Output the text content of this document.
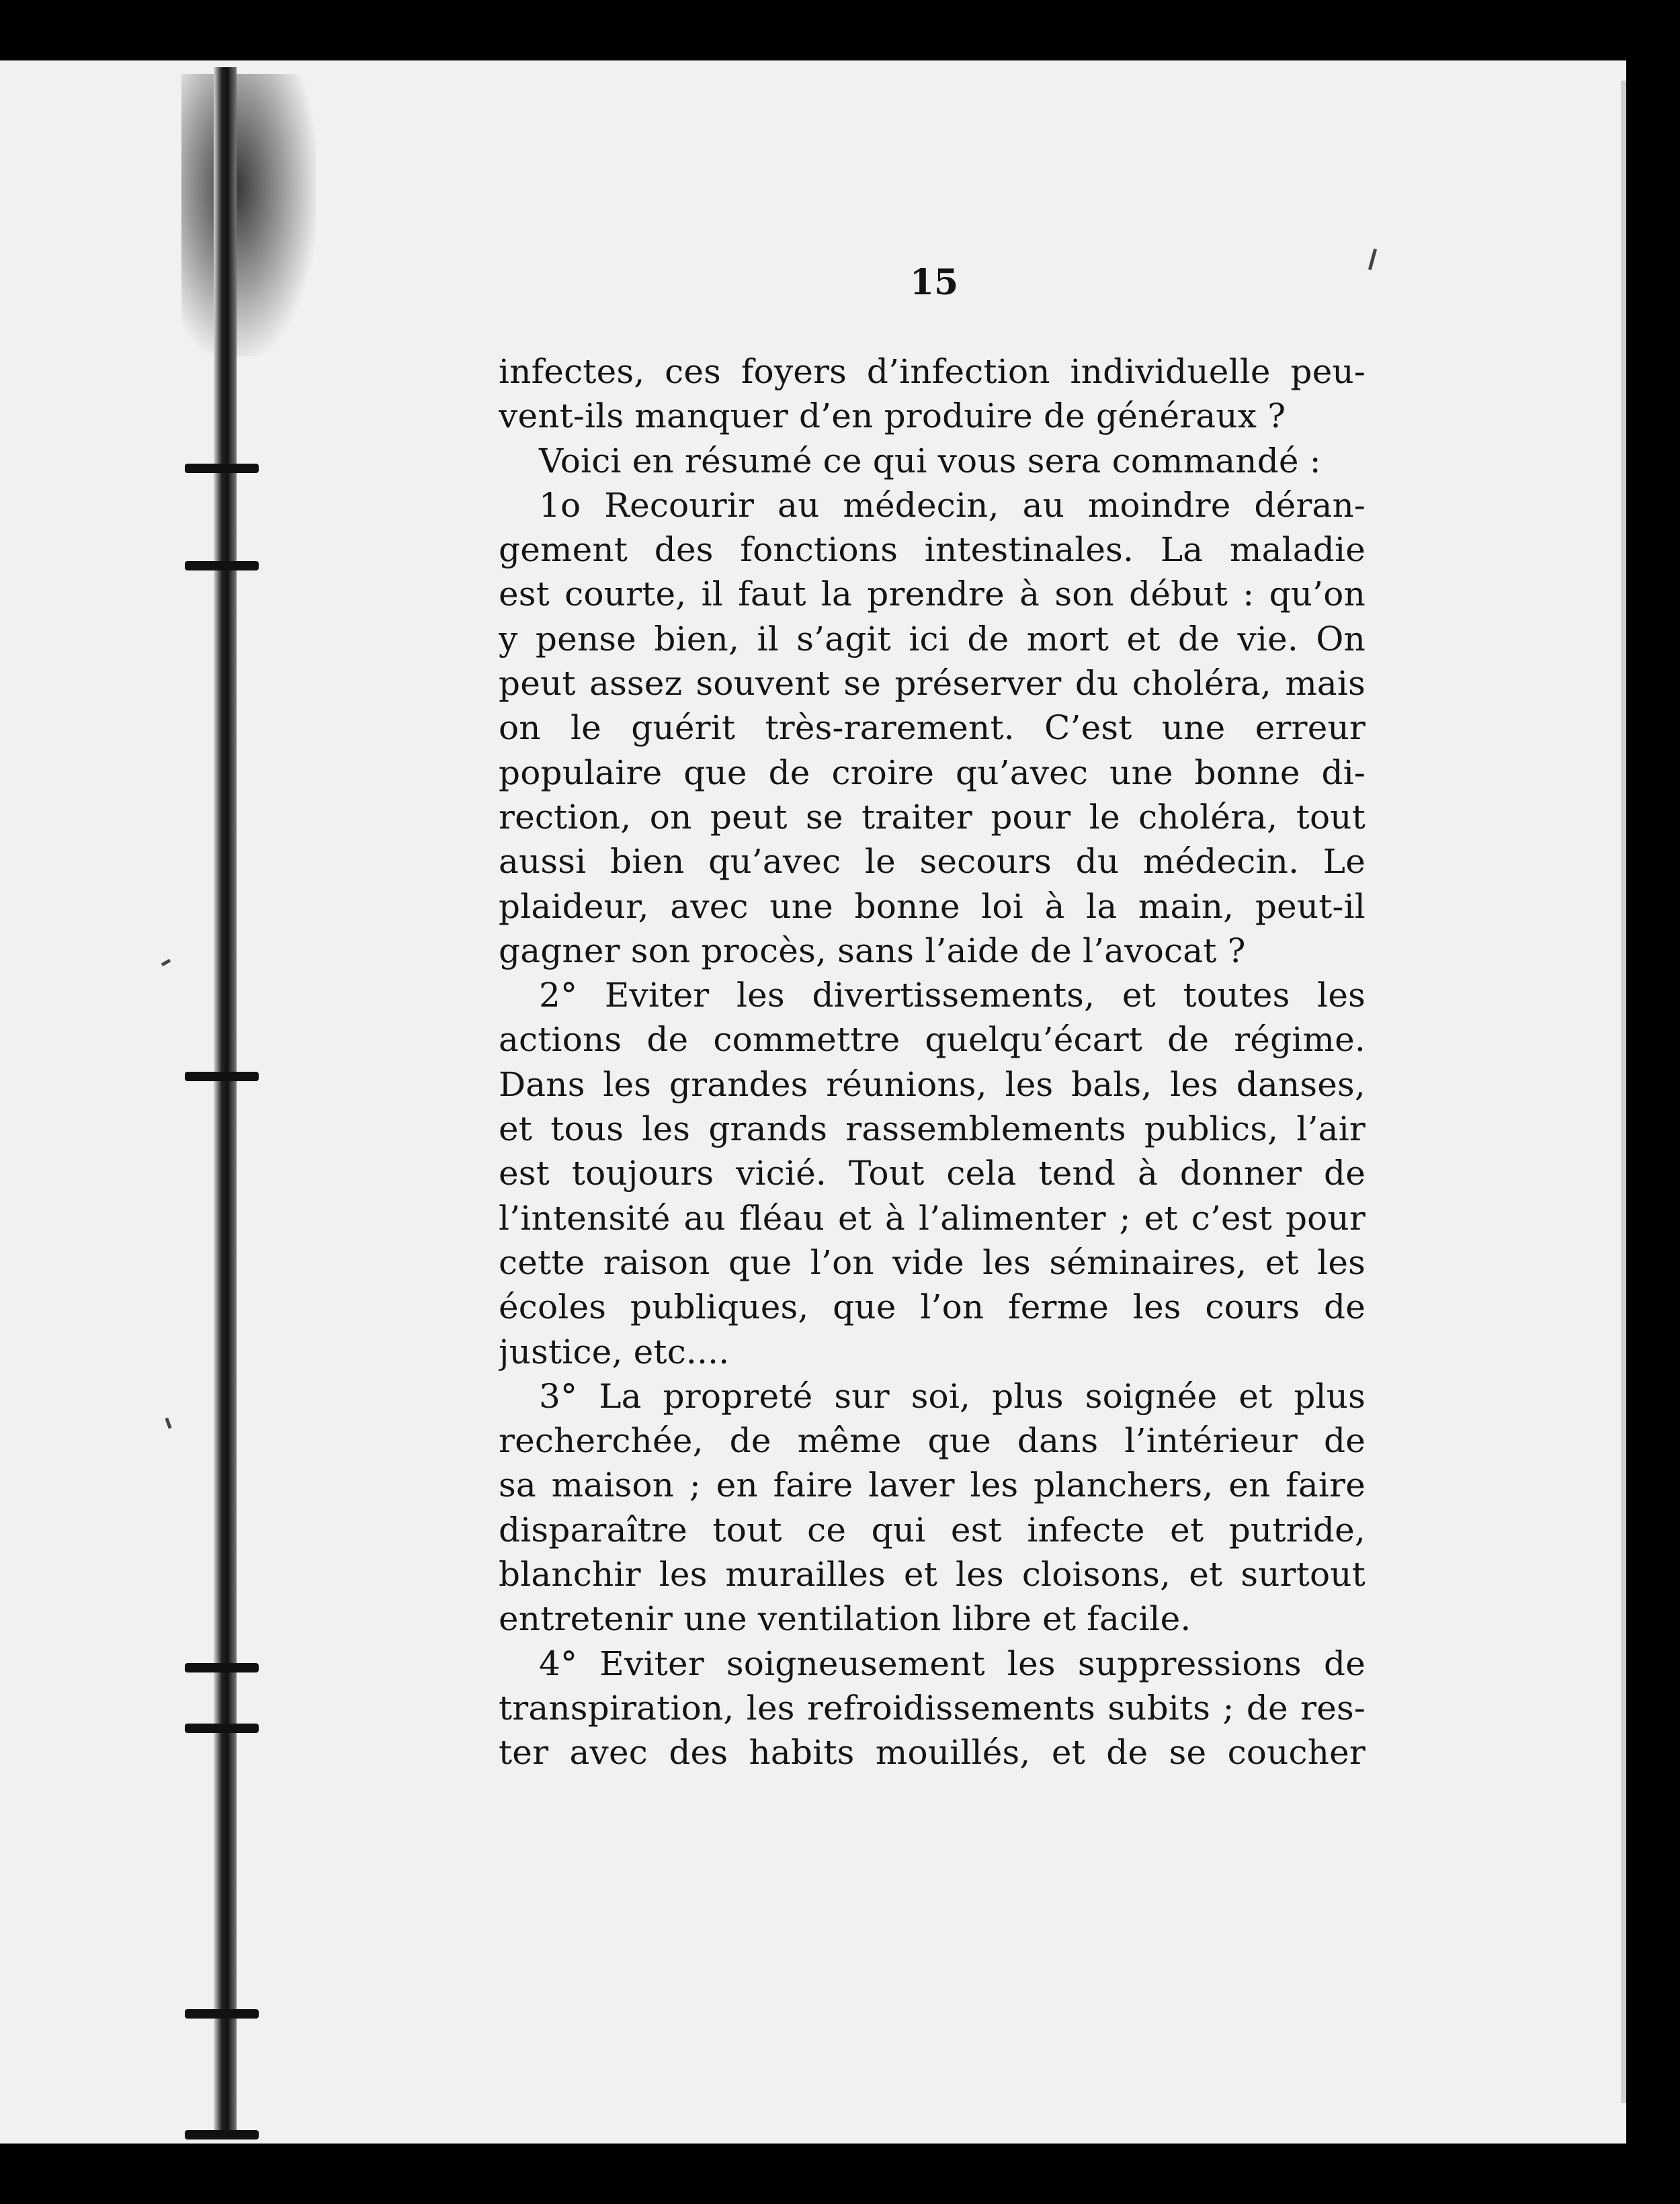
15
infectes, ces foyers d’infection individuelle peu-
vent-ils manquer d’en produire de généraux ?
Voici en résumé ce qui vous sera commandé :
1o Recourir au médecin, au moindre déran-
gement des fonctions intestinales. La maladie
est courte, il faut la prendre à son début : qu’on
y pense bien, il s’agit ici de mort et de vie. On
peut assez souvent se préserver du choléra, mais
on le guérit très-rarement. C’est une erreur
populaire que de croire qu’avec une bonne di-
rection, on peut se traiter pour le choléra, tout
aussi bien qu’avec le secours du médecin. Le
plaideur, avec une bonne loi à la main, peut-il
gagner son procès, sans l’aide de l’avocat ?
2° Eviter les divertissements, et toutes les
actions de commettre quelqu’écart de régime.
Dans les grandes réunions, les bals, les danses,
et tous les grands rassemblements publics, l’air
est toujours vicié. Tout cela tend à donner de
l’intensité au fléau et à l’alimenter ; et c’est pour
cette raison que l’on vide les séminaires, et les
écoles publiques, que l’on ferme les cours de
justice, etc....
3° La propreté sur soi, plus soignée et plus
recherchée, de même que dans l’intérieur de
sa maison ; en faire laver les planchers, en faire
disparaître tout ce qui est infecte et putride,
blanchir les murailles et les cloisons, et surtout
entretenir une ventilation libre et facile.
4° Eviter soigneusement les suppressions de
transpiration, les refroidissements subits ; de res-
ter avec des habits mouillés, et de se coucher
